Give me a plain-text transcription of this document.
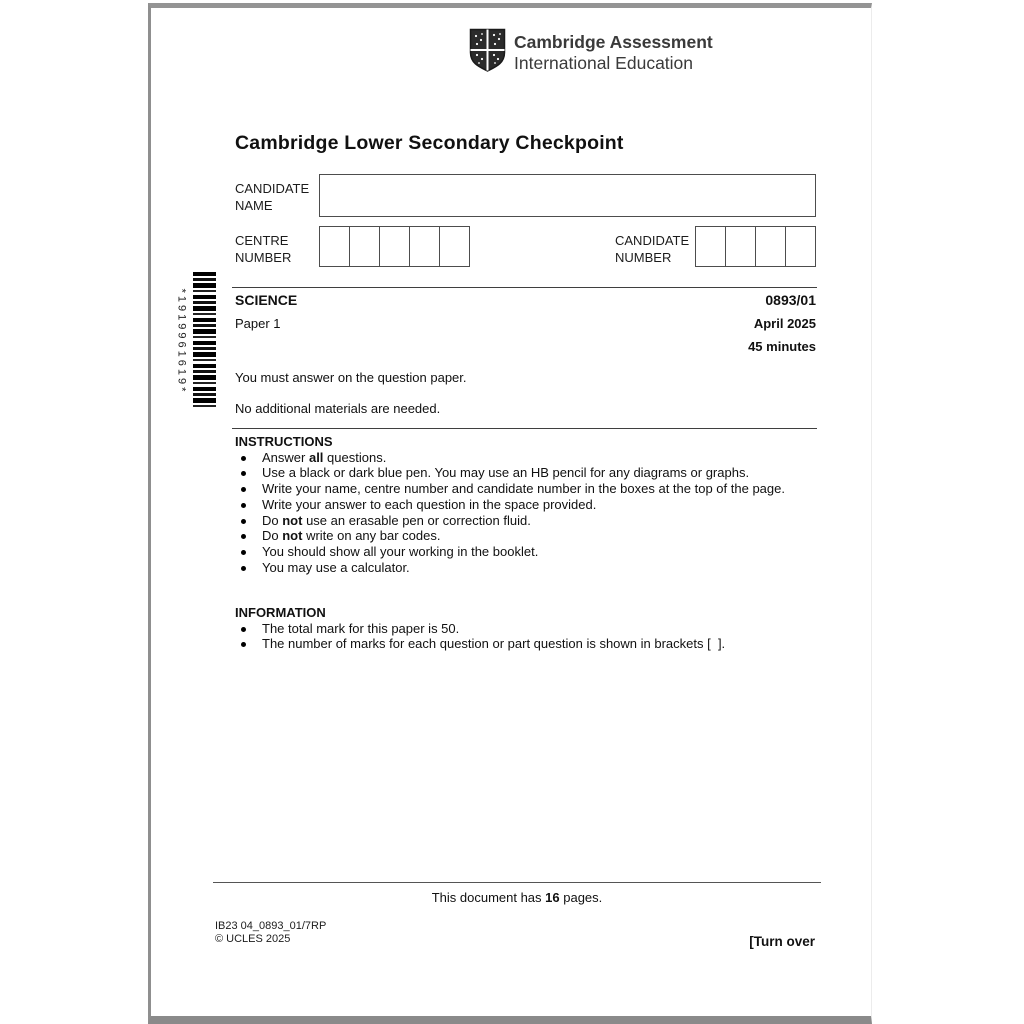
Cambridge Assessment
International Education
Cambridge Lower Secondary Checkpoint
CANDIDATE NAME
CENTRE NUMBER
CANDIDATE NUMBER
*1919961619*	SCIENCE	0893/01
Paper 1	April 2025
45 minutes
You must answer on the question paper.
No additional materials are needed.
INSTRUCTIONS
Answer all questions.
Use a black or dark blue pen. You may use an HB pencil for any diagrams or graphs.
Write your name, centre number and candidate number in the boxes at the top of the page.
Write your answer to each question in the space provided.
Do not use an erasable pen or correction fluid.
Do not write on any bar codes.
You should show all your working in the booklet.
You may use a calculator.
INFORMATION
The total mark for this paper is 50.
The number of marks for each question or part question is shown in brackets [  ].
This document has 16 pages.
IB23 04_0893_01/7RP
© UCLES 2025	[Turn over
